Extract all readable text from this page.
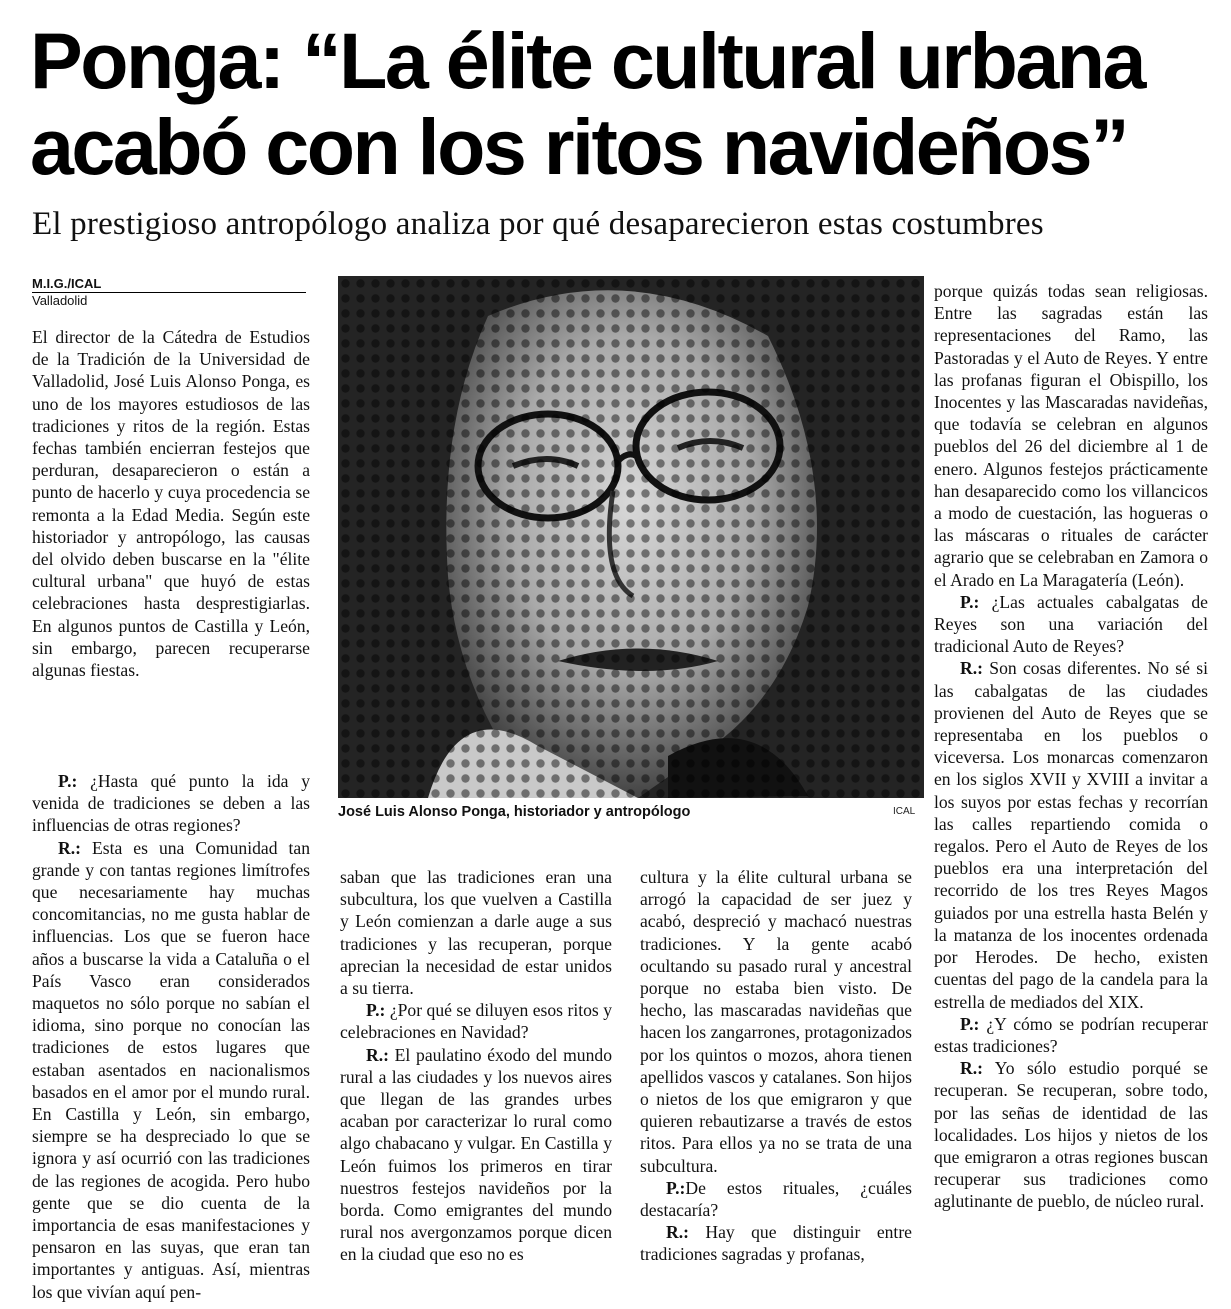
Ponga: “La élite cultural urbana
acabó con los ritos navideños”
El prestigioso antropólogo analiza por qué desaparecieron estas costumbres
M.I.G./ICAL
Valladolid

El director de la Cátedra de Estudios de la Tradición de la Universidad de Valladolid, José Luis Alonso Ponga, es uno de los mayores estudiosos de las tradiciones y ritos de la región. Estas fechas también encierran festejos que perduran, desaparecieron o están a punto de hacerlo y cuya procedencia se remonta a la Edad Media. Según este historiador y antropólogo, las causas del olvido deben buscarse en la "élite cultural urbana" que huyó de estas celebraciones hasta desprestigiarlas. En algunos puntos de Castilla y León, sin embargo, parecen recuperarse algunas fiestas.

P.: ¿Hasta qué punto la ida y venida de tradiciones se deben a las influencias de otras regiones?

R.: Esta es una Comunidad tan grande y con tantas regiones limítrofes que necesariamente hay muchas concomitancias, no me gusta hablar de influencias. Los que se fueron hace años a buscarse la vida a Cataluña o el País Vasco eran considerados maquetos no sólo porque no sabían el idioma, sino porque no conocían las tradiciones de estos lugares que estaban asentados en nacionalismos basados en el amor por el mundo rural. En Castilla y León, sin embargo, siempre se ha despreciado lo que se ignora y así ocurrió con las tradiciones de las regiones de acogida. Pero hubo gente que se dio cuenta de la importancia de esas manifestaciones y pensaron en las suyas, que eran tan importantes y antiguas. Así, mientras los que vivían aquí pen-

José Luis Alonso Ponga, historiador y antropólogo	ICAL

saban que las tradiciones eran una subcultura, los que vuelven a Castilla y León comienzan a darle auge a sus tradiciones y las recuperan, porque aprecian la necesidad de estar unidos a su tierra.

P.: ¿Por qué se diluyen esos ritos y celebraciones en Navidad?

R.: El paulatino éxodo del mundo rural a las ciudades y los nuevos aires que llegan de las grandes urbes acaban por caracterizar lo rural como algo chabacano y vulgar. En Castilla y León fuimos los primeros en tirar nuestros festejos navideños por la borda. Como emigrantes del mundo rural nos avergonzamos porque dicen en la ciudad que eso no es

cultura y la élite cultural urbana se arrogó la capacidad de ser juez y acabó, despreció y machacó nuestras tradiciones. Y la gente acabó ocultando su pasado rural y ancestral porque no estaba bien visto. De hecho, las mascaradas navideñas que hacen los zangarrones, protagonizados por los quintos o mozos, ahora tienen apellidos vascos y catalanes. Son hijos o nietos de los que emigraron y que quieren rebautizarse a través de estos ritos. Para ellos ya no se trata de una subcultura.

P.:De estos rituales, ¿cuáles destacaría?

R.: Hay que distinguir entre tradiciones sagradas y profanas,

porque quizás todas sean religiosas. Entre las sagradas están las representaciones del Ramo, las Pastoradas y el Auto de Reyes. Y entre las profanas figuran el Obispillo, los Inocentes y las Mascaradas navideñas, que todavía se celebran en algunos pueblos del 26 del diciembre al 1 de enero. Algunos festejos prácticamente han desaparecido como los villancicos a modo de cuestación, las hogueras o las máscaras o rituales de carácter agrario que se celebraban en Zamora o el Arado en La Maragatería (León).

P.: ¿Las actuales cabalgatas de Reyes son una variación del tradicional Auto de Reyes?

R.: Son cosas diferentes. No sé si las cabalgatas de las ciudades provienen del Auto de Reyes que se representaba en los pueblos o viceversa. Los monarcas comenzaron en los siglos XVII y XVIII a invitar a los suyos por estas fechas y recorrían las calles repartiendo comida o regalos. Pero el Auto de Reyes de los pueblos era una interpretación del recorrido de los tres Reyes Magos guiados por una estrella hasta Belén y la matanza de los inocentes ordenada por Herodes. De hecho, existen cuentas del pago de la candela para la estrella de mediados del XIX.

P.: ¿Y cómo se podrían recuperar estas tradiciones?

R.: Yo sólo estudio porqué se recuperan. Se recuperan, sobre todo, por las señas de identidad de las localidades. Los hijos y nietos de los que emigraron a otras regiones buscan recuperar sus tradiciones como aglutinante de pueblo, de núcleo rural.
